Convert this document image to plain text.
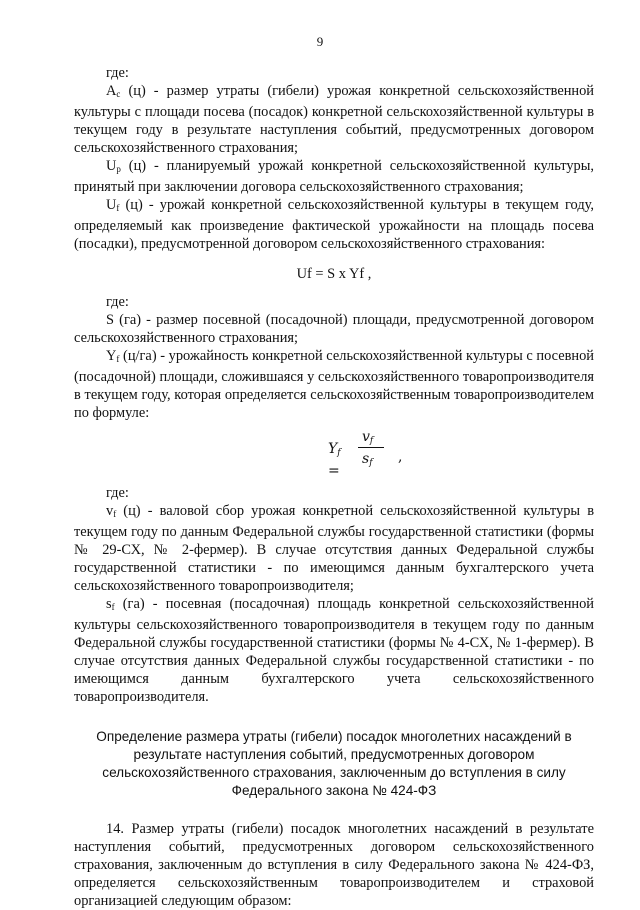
9

где:

$А_с$ (ц) - размер утраты (гибели) урожая конкретной сельскохозяйственной культуры с площади посева (посадок) конкретной сельскохозяйственной культуры в текущем году в результате наступления событий, предусмотренных договором сельскохозяйственного страхования;

$U_p$ (ц) - планируемый урожай конкретной сельскохозяйственной культуры, принятый при заключении договора сельскохозяйственного страхования;

$U_f$ (ц) - урожай конкретной сельскохозяйственной культуры в текущем году, определяемый как произведение фактической урожайности на площадь посева (посадки), предусмотренной договором сельскохозяйственного страхования:

Uf = S x Yf ,

где:

S (га) - размер посевной (посадочной) площади, предусмотренной договором сельскохозяйственного страхования;

$Y_f$ (ц/га) - урожайность конкретной сельскохозяйственной культуры с посевной (посадочной) площади, сложившаяся у сельскохозяйственного товаропроизводителя в текущем году, которая определяется сельскохозяйственным товаропроизводителем по формуле:

$Y_f$ =
$v_f$
$s_f$ ,

где:

$v_f$ (ц) - валовой сбор урожая конкретной сельскохозяйственной культуры в текущем году по данным Федеральной службы государственной статистики (формы № 29-СХ, № 2-фермер). В случае отсутствия данных Федеральной службы государственной статистики - по имеющимся данным бухгалтерского учета сельскохозяйственного товаропроизводителя;

$s_f$ (га) - посевная (посадочная) площадь конкретной сельскохозяйственной культуры сельскохозяйственного товаропроизводителя в текущем году по данным Федеральной службы государственной статистики (формы № 4-СХ, № 1-фермер). В случае отсутствия данных Федеральной службы государственной статистики - по имеющимся данным бухгалтерского учета сельскохозяйственного товаропроизводителя.

Определение размера утраты (гибели) посадок многолетних насаждений в
результате наступления событий, предусмотренных договором
сельскохозяйственного страхования, заключенным до вступления в силу
Федерального закона № 424-ФЗ

14. Размер утраты (гибели) посадок многолетних насаждений в результате наступления событий, предусмотренных договором сельскохозяйственного страхования, заключенным до вступления в силу Федерального закона № 424-ФЗ, определяется сельскохозяйственным товаропроизводителем и страховой организацией следующим образом:
